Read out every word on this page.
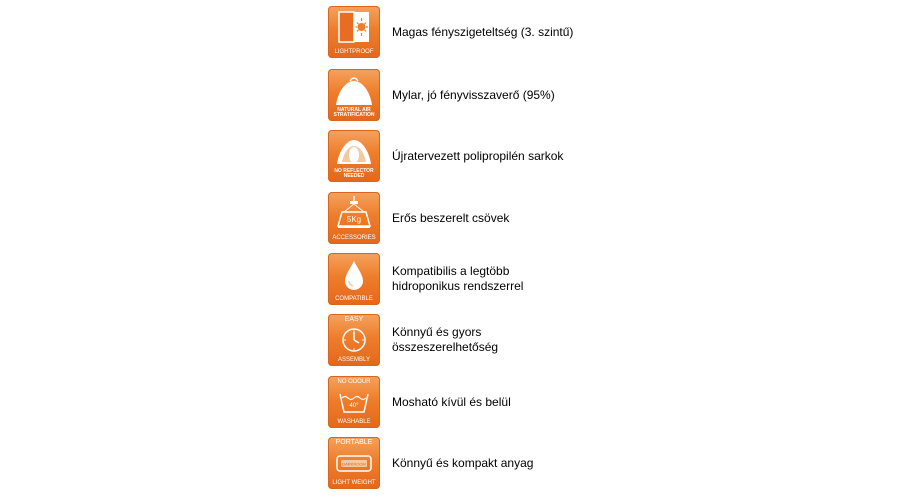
LIGHTPROOF
Magas fényszigeteltség (3. szintű)
NATURAL AIR STRATIFICATION
Mylar, jó fényvisszaverő (95%)
NO REFLECTOR NEEDED
Újratervezett polipropilén sarkok
5Kg
ACCESSORIES
Erős beszerelt csövek
COMPATIBLE
Kompatibilis a legtöbb
hidroponikus rendszerrel
EASY
ASSEMBLY
Könnyű és gyors
összeszerelhetőség
NO ODOUR
40°
WASHABLE
Mosható kívül és belül
PORTABLE
DARKROOM
LIGHT WEIGHT
Könnyű és kompakt anyag
